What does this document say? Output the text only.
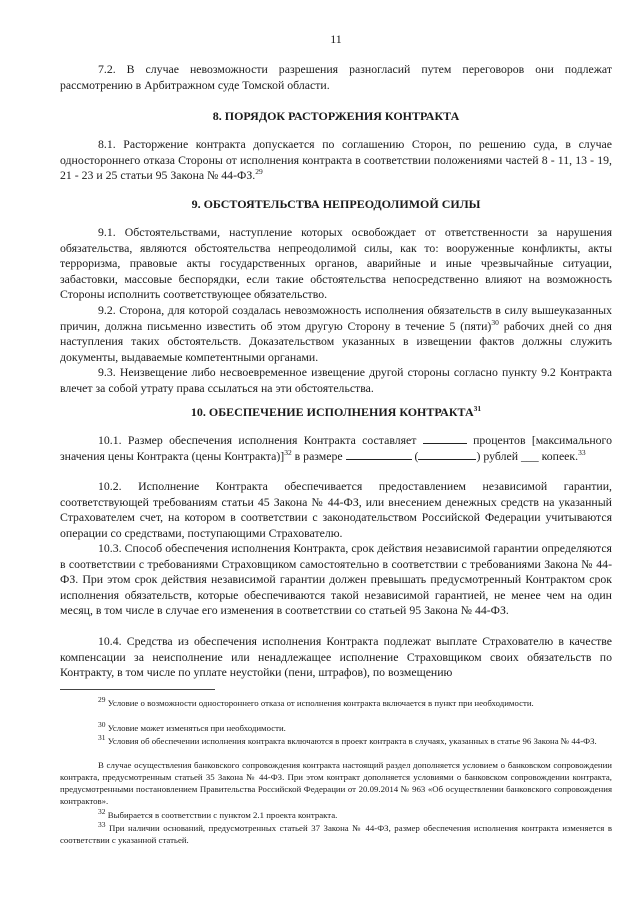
11

7.2. В случае невозможности разрешения разногласий путем переговоров они подлежат рассмотрению в Арбитражном суде Томской области.

8. ПОРЯДОК РАСТОРЖЕНИЯ КОНТРАКТА

8.1. Расторжение контракта допускается по соглашению Сторон, по решению суда, в случае одностороннего отказа Стороны от исполнения контракта в соответствии положениями частей 8 - 11, 13 - 19, 21 - 23 и 25 статьи 95 Закона № 44-ФЗ.$^{29}$

9. ОБСТОЯТЕЛЬСТВА НЕПРЕОДОЛИМОЙ СИЛЫ

9.1. Обстоятельствами, наступление которых освобождает от ответственности за нарушения обязательства, являются обстоятельства непреодолимой силы, как то: вооруженные конфликты, акты терроризма, правовые акты государственных органов, аварийные и иные чрезвычайные ситуации, забастовки, массовые беспорядки, если такие обстоятельства непосредственно влияют на возможность Стороны исполнить соответствующее обязательство.

9.2. Сторона, для которой создалась невозможность исполнения обязательств в силу вышеуказанных причин, должна письменно известить об этом другую Сторону в течение 5 (пяти)$^{30}$ рабочих дней со дня наступления таких обстоятельств. Доказательством указанных в извещении фактов должны служить документы, выдаваемые компетентными органами.

9.3. Неизвещение либо несвоевременное извещение другой стороны согласно пункту 9.2 Контракта влечет за собой утрату права ссылаться на эти обстоятельства.

10. ОБЕСПЕЧЕНИЕ ИСПОЛНЕНИЯ КОНТРАКТА$^{31}$

10.1. Размер обеспечения исполнения Контракта составляет	процентов [максимального значения цены Контракта (цены Контракта)]$^{32}$ в размере	(	) рублей ___ копеек.$^{33}$

10.2. Исполнение Контракта обеспечивается предоставлением независимой гарантии, соответствующей требованиям статьи 45 Закона № 44-ФЗ, или внесением денежных средств на указанный Страхователем счет, на котором в соответствии с законодательством Российской Федерации учитываются операции со средствами, поступающими Страхователю.

10.3. Способ обеспечения исполнения Контракта, срок действия независимой гарантии определяются в соответствии с требованиями Страховщиком самостоятельно в соответствии с требованиями Закона № 44-ФЗ. При этом срок действия независимой гарантии должен превышать предусмотренный Контрактом срок исполнения обязательств, которые обеспечиваются такой независимой гарантией, не менее чем на один месяц, в том числе в случае его изменения в соответствии со статьей 95 Закона № 44-ФЗ.

10.4. Средства из обеспечения исполнения Контракта подлежат выплате Страхователю в качестве компенсации за неисполнение или ненадлежащее исполнение Страховщиком своих обязательств по Контракту, в том числе по уплате неустойки (пени, штрафов), по возмещению

$^{29}$ Условие о возможности одностороннего отказа от исполнения контракта включается в пункт при необходимости.

$^{30}$ Условие может изменяться при необходимости.

$^{31}$ Условия об обеспечении исполнения контракта включаются в проект контракта в случаях, указанных в статье 96 Закона № 44-ФЗ.

В случае осуществления банковского сопровождения контракта настоящий раздел дополняется условием о банковском сопровождении контракта, предусмотренным статьей 35 Закона № 44-ФЗ. При этом контракт дополняется условиями о банковском сопровождении контракта, предусмотренными постановлением Правительства Российской Федерации от 20.09.2014 № 963 «Об осуществлении банковского сопровождения контрактов».

$^{32}$ Выбирается в соответствии с пунктом 2.1 проекта контракта.

$^{33}$ При наличии оснований, предусмотренных статьей 37 Закона № 44-ФЗ, размер обеспечения исполнения контракта изменяется в соответствии с указанной статьей.
